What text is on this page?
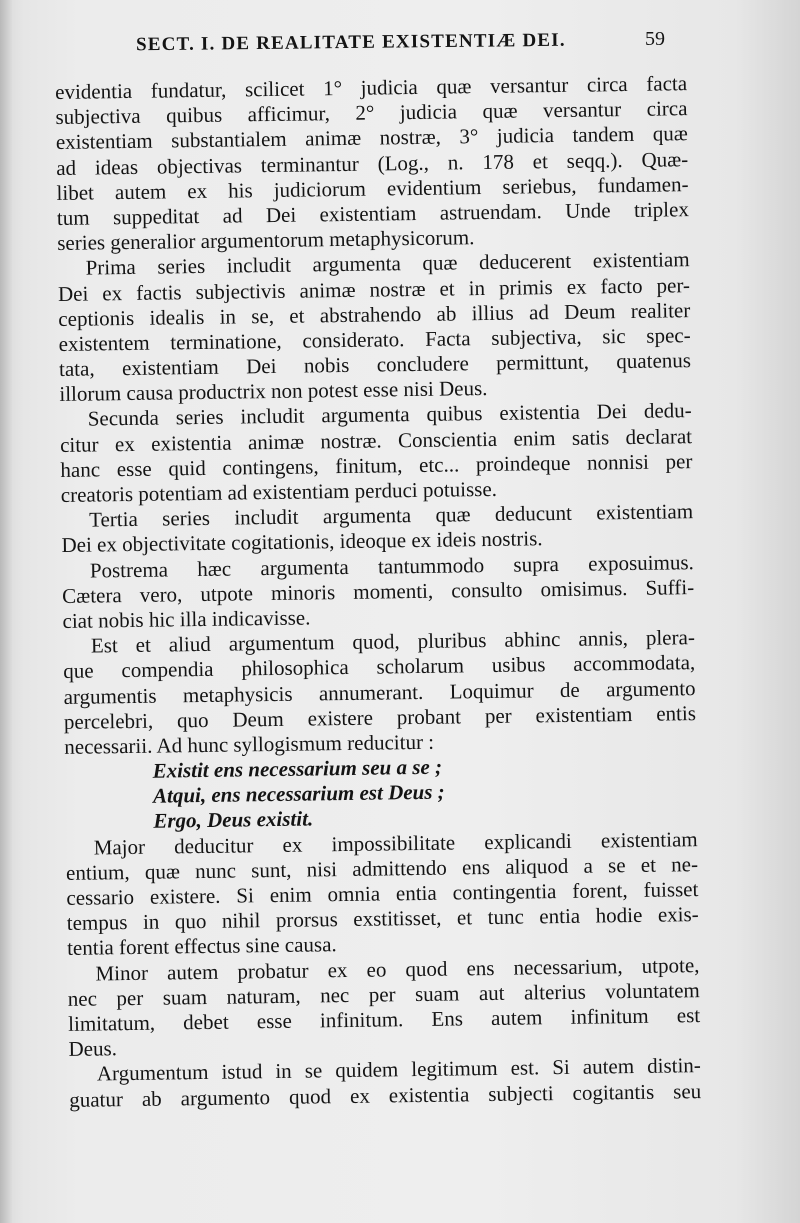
SECT. I. DE REALITATE EXISTENTIÆ DEI.	59
evidentia fundatur, scilicet 1° judicia quæ versantur circa facta
subjectiva quibus afficimur, 2° judicia quæ versantur circa
existentiam substantialem animæ nostræ, 3° judicia tandem quæ
ad ideas objectivas terminantur (Log., n. 178 et seqq.). Quæ-
libet autem ex his judiciorum evidentium seriebus, fundamen-
tum suppeditat ad Dei existentiam astruendam. Unde triplex
series generalior argumentorum metaphysicorum.
Prima series includit argumenta quæ deducerent existentiam
Dei ex factis subjectivis animæ nostræ et in primis ex facto per-
ceptionis idealis in se, et abstrahendo ab illius ad Deum realiter
existentem terminatione, considerato. Facta subjectiva, sic spec-
tata, existentiam Dei nobis concludere permittunt, quatenus
illorum causa productrix non potest esse nisi Deus.
Secunda series includit argumenta quibus existentia Dei dedu-
citur ex existentia animæ nostræ. Conscientia enim satis declarat
hanc esse quid contingens, finitum, etc... proindeque nonnisi per
creatoris potentiam ad existentiam perduci potuisse.
Tertia series includit argumenta quæ deducunt existentiam
Dei ex objectivitate cogitationis, ideoque ex ideis nostris.
Postrema hæc argumenta tantummodo supra exposuimus.
Cætera vero, utpote minoris momenti, consulto omisimus. Suffi-
ciat nobis hic illa indicavisse.
Est et aliud argumentum quod, pluribus abhinc annis, plera-
que compendia philosophica scholarum usibus accommodata,
argumentis metaphysicis annumerant. Loquimur de argumento
percelebri, quo Deum existere probant per existentiam entis
necessarii. Ad hunc syllogismum reducitur :
Existit ens necessarium seu a se ;
Atqui, ens necessarium est Deus ;
Ergo, Deus existit.
Major deducitur ex impossibilitate explicandi existentiam
entium, quæ nunc sunt, nisi admittendo ens aliquod a se et ne-
cessario existere. Si enim omnia entia contingentia forent, fuisset
tempus in quo nihil prorsus exstitisset, et tunc entia hodie exis-
tentia forent effectus sine causa.
Minor autem probatur ex eo quod ens necessarium, utpote,
nec per suam naturam, nec per suam aut alterius voluntatem
limitatum, debet esse infinitum. Ens autem infinitum est
Deus.
Argumentum istud in se quidem legitimum est. Si autem distin-
guatur ab argumento quod ex existentia subjecti cogitantis seu
